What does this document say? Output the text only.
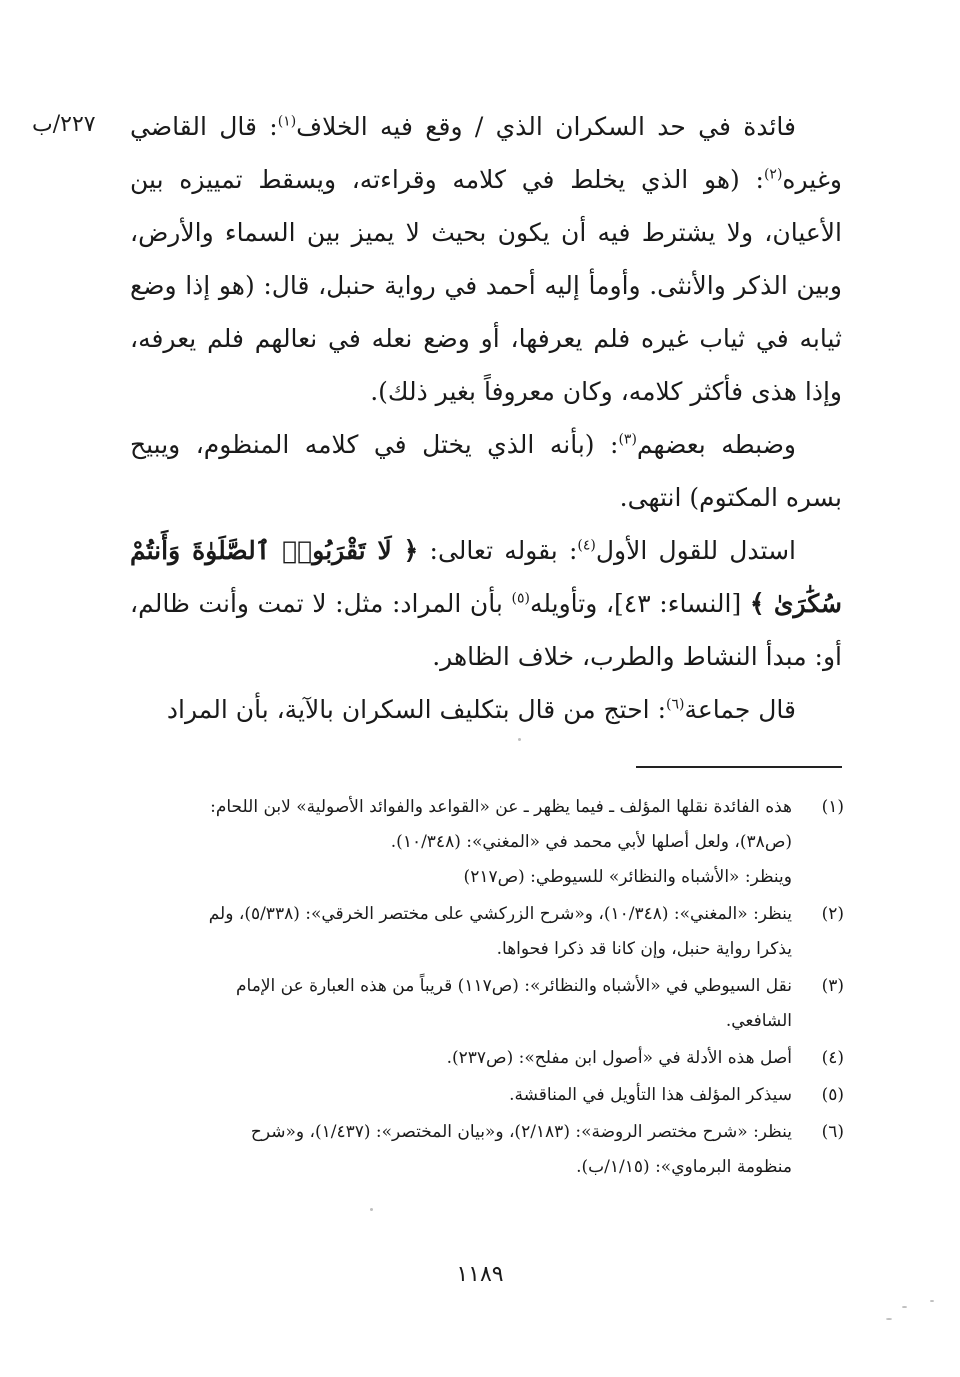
٢٢٧/ب	فائدة في حد السكران الذي / وقع فيه الخلاف$^{(١)}$: قال القاضي وغيره$^{(٢)}$: (هو الذي يخلط في كلامه وقراءته، ويسقط تمييزه بين الأعيان، ولا يشترط فيه أن يكون بحيث لا يميز بين السماء والأرض، وبين الذكر والأنثى. وأومأ إليه أحمد في رواية حنبل، قال: (هو إذا وضع ثيابه في ثياب غيره فلم يعرفها، أو وضع نعله في نعالهم فلم يعرفه، وإذا هذى فأكثر كلامه، وكان معروفاً بغير ذلك).

وضبطه بعضهم$^{(٣)}$: (بأنه الذي يختل في كلامه المنظوم، ويبيح بسره المكتوم) انتهى.

استدل للقول الأول$^{(٤)}$: بقوله تعالى: ﴿ لَا تَقْرَبُوا۟ ٱلصَّلَوٰةَ وَأَنتُمْ سُكَٰرَىٰ ﴾ [النساء: ٤٣]، وتأويله$^{(٥)}$ بأن المراد: مثل: لا تمت وأنت ظالم، أو: مبدأ النشاط والطرب، خلاف الظاهر.

قال جماعة$^{(٦)}$: احتج من قال بتكليف السكران بالآية، بأن المراد

(١)
هذه الفائدة نقلها المؤلف ـ فيما يظهر ـ عن «القواعد والفوائد الأصولية» لابن اللحام:
(ص٣٨)، ولعل أصلها لأبي محمد في «المغني»: (١٠/٣٤٨).
وينظر: «الأشباه والنظائر» للسيوطي: (ص٢١٧)
(٢)
ينظر: «المغني»: (١٠/٣٤٨)، و«شرح الزركشي على مختصر الخرقي»: (٥/٣٣٨)، ولم
يذكرا رواية حنبل، وإن كانا قد ذكرا فحواها.
(٣)
نقل السيوطي في «الأشباه والنظائر»: (ص١١٧) قريباً من هذه العبارة عن الإمام
الشافعي.
(٤)
أصل هذه الأدلة في «أصول ابن مفلح»: (ص٢٣٧).
(٥)
سيذكر المؤلف هذا التأويل في المناقشة.
(٦)
ينظر: «شرح مختصر الروضة»: (٢/١٨٣)، و«بيان المختصر»: (١/٤٣٧)، و«شرح
منظومة البرماوي»: (١/١٥/ب).
١١٨٩
